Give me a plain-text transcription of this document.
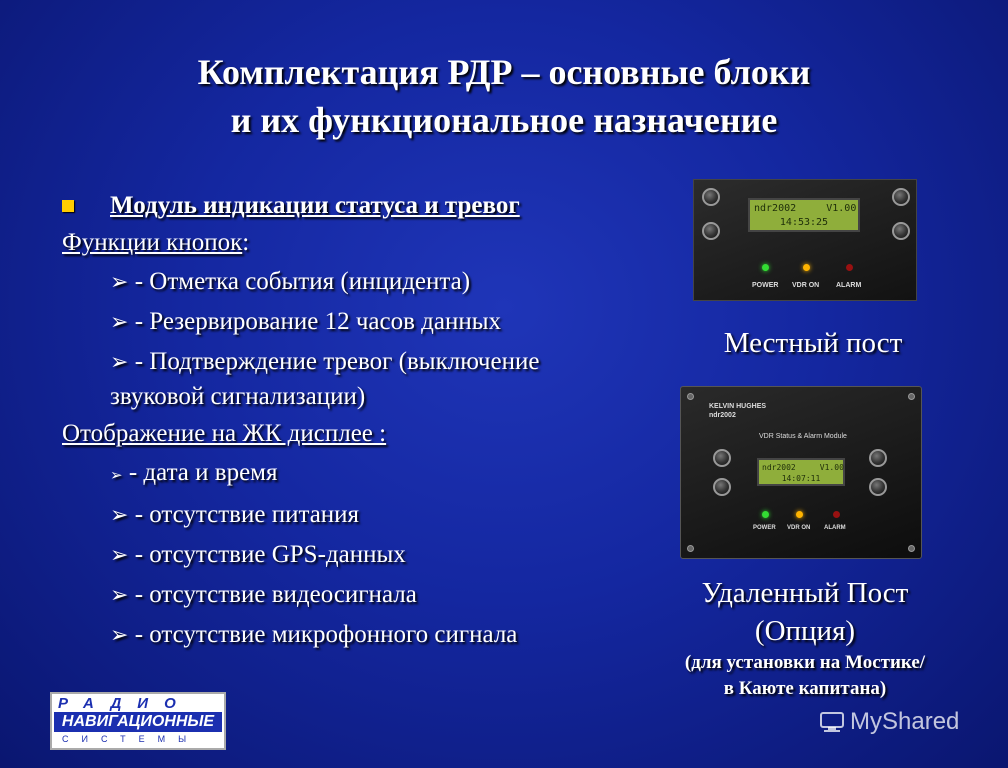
Комплектация РДР – основные блоки
и их функциональное назначение
Модуль индикации статуса и тревог
Функции кнопок:
➢ - Отметка события (инцидента)
➢ - Резервирование 12 часов данных
➢ - Подтверждение тревог (выключение
звуковой сигнализации)
Отображение на ЖК дисплее :
➢ - дата и время
➢ - отсутствие питания
➢ - отсутствие GPS-данных
➢ - отсутствие видеосигнала
➢ - отсутствие микрофонного сигнала
ndr2002     V1.00
14:53:25
POWER VDR ON ALARM
Местный пост
KELVIN HUGHES
ndr2002
VDR Status & Alarm Module
ndr2002     V1.00
14:07:11
POWER VDR ON ALARM
Удаленный Пост
(Опция)
(для установки на Мостике/
в Каюте капитана)
РАДИО
НАВИГАЦИОННЫЕ
СИСТЕМЫ
MyShared
